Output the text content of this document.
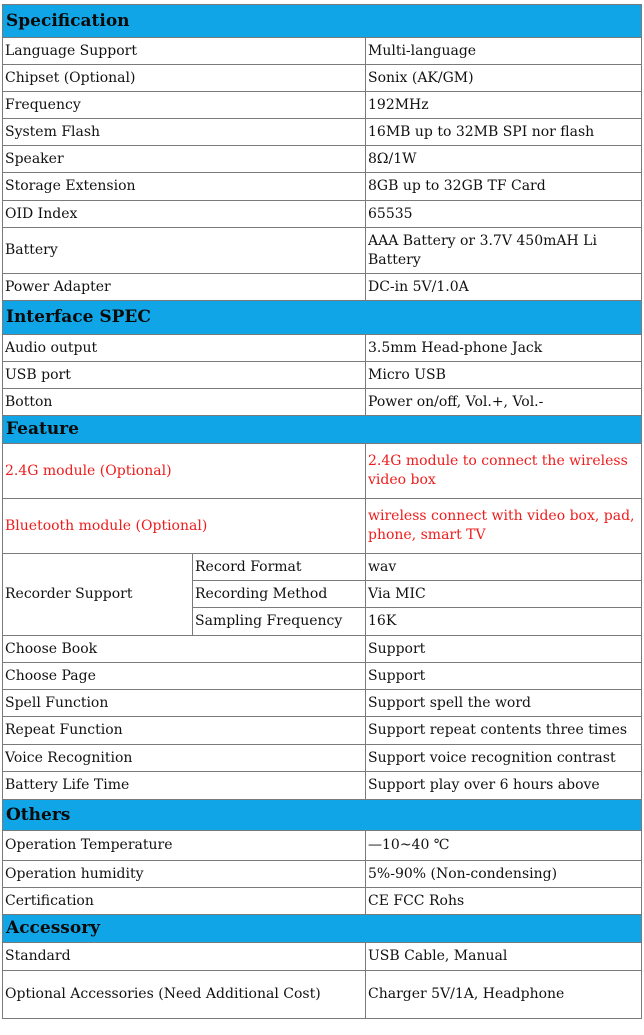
Specification		
Language Support		Multi-language
Chipset (Optional)		Sonix (AK/GM)
Frequency		192MHz
System Flash		16MB up to 32MB SPI nor flash
Speaker		8Ω/1W
Storage Extension		8GB up to 32GB TF Card
OID Index		65535
Battery		AAA Battery or 3.7V 450mAH Li Battery
Power Adapter		DC-in 5V/1.0A
Interface SPEC		
Audio output		3.5mm Head-phone Jack
USB port		Micro USB
Botton		Power on/off, Vol.+, Vol.-
Feature		
2.4G module (Optional)		2.4G module to connect the wireless video box
Bluetooth module (Optional)		wireless connect with video box, pad, phone, smart TV
Recorder Support	Record Format	wav
	Recording Method	Via MIC
	Sampling Frequency	16K
Choose Book		Support
Choose Page		Support
Spell Function		Support spell the word
Repeat Function		Support repeat contents three times
Voice Recognition		Support voice recognition contrast
Battery Life Time		Support play over 6 hours above
Others		
Operation Temperature		—10~40 ℃
Operation humidity		5%-90% (Non-condensing)
Certification		CE FCC Rohs
Accessory		
Standard		USB Cable, Manual
Optional Accessories (Need Additional Cost)		Charger 5V/1A, Headphone
